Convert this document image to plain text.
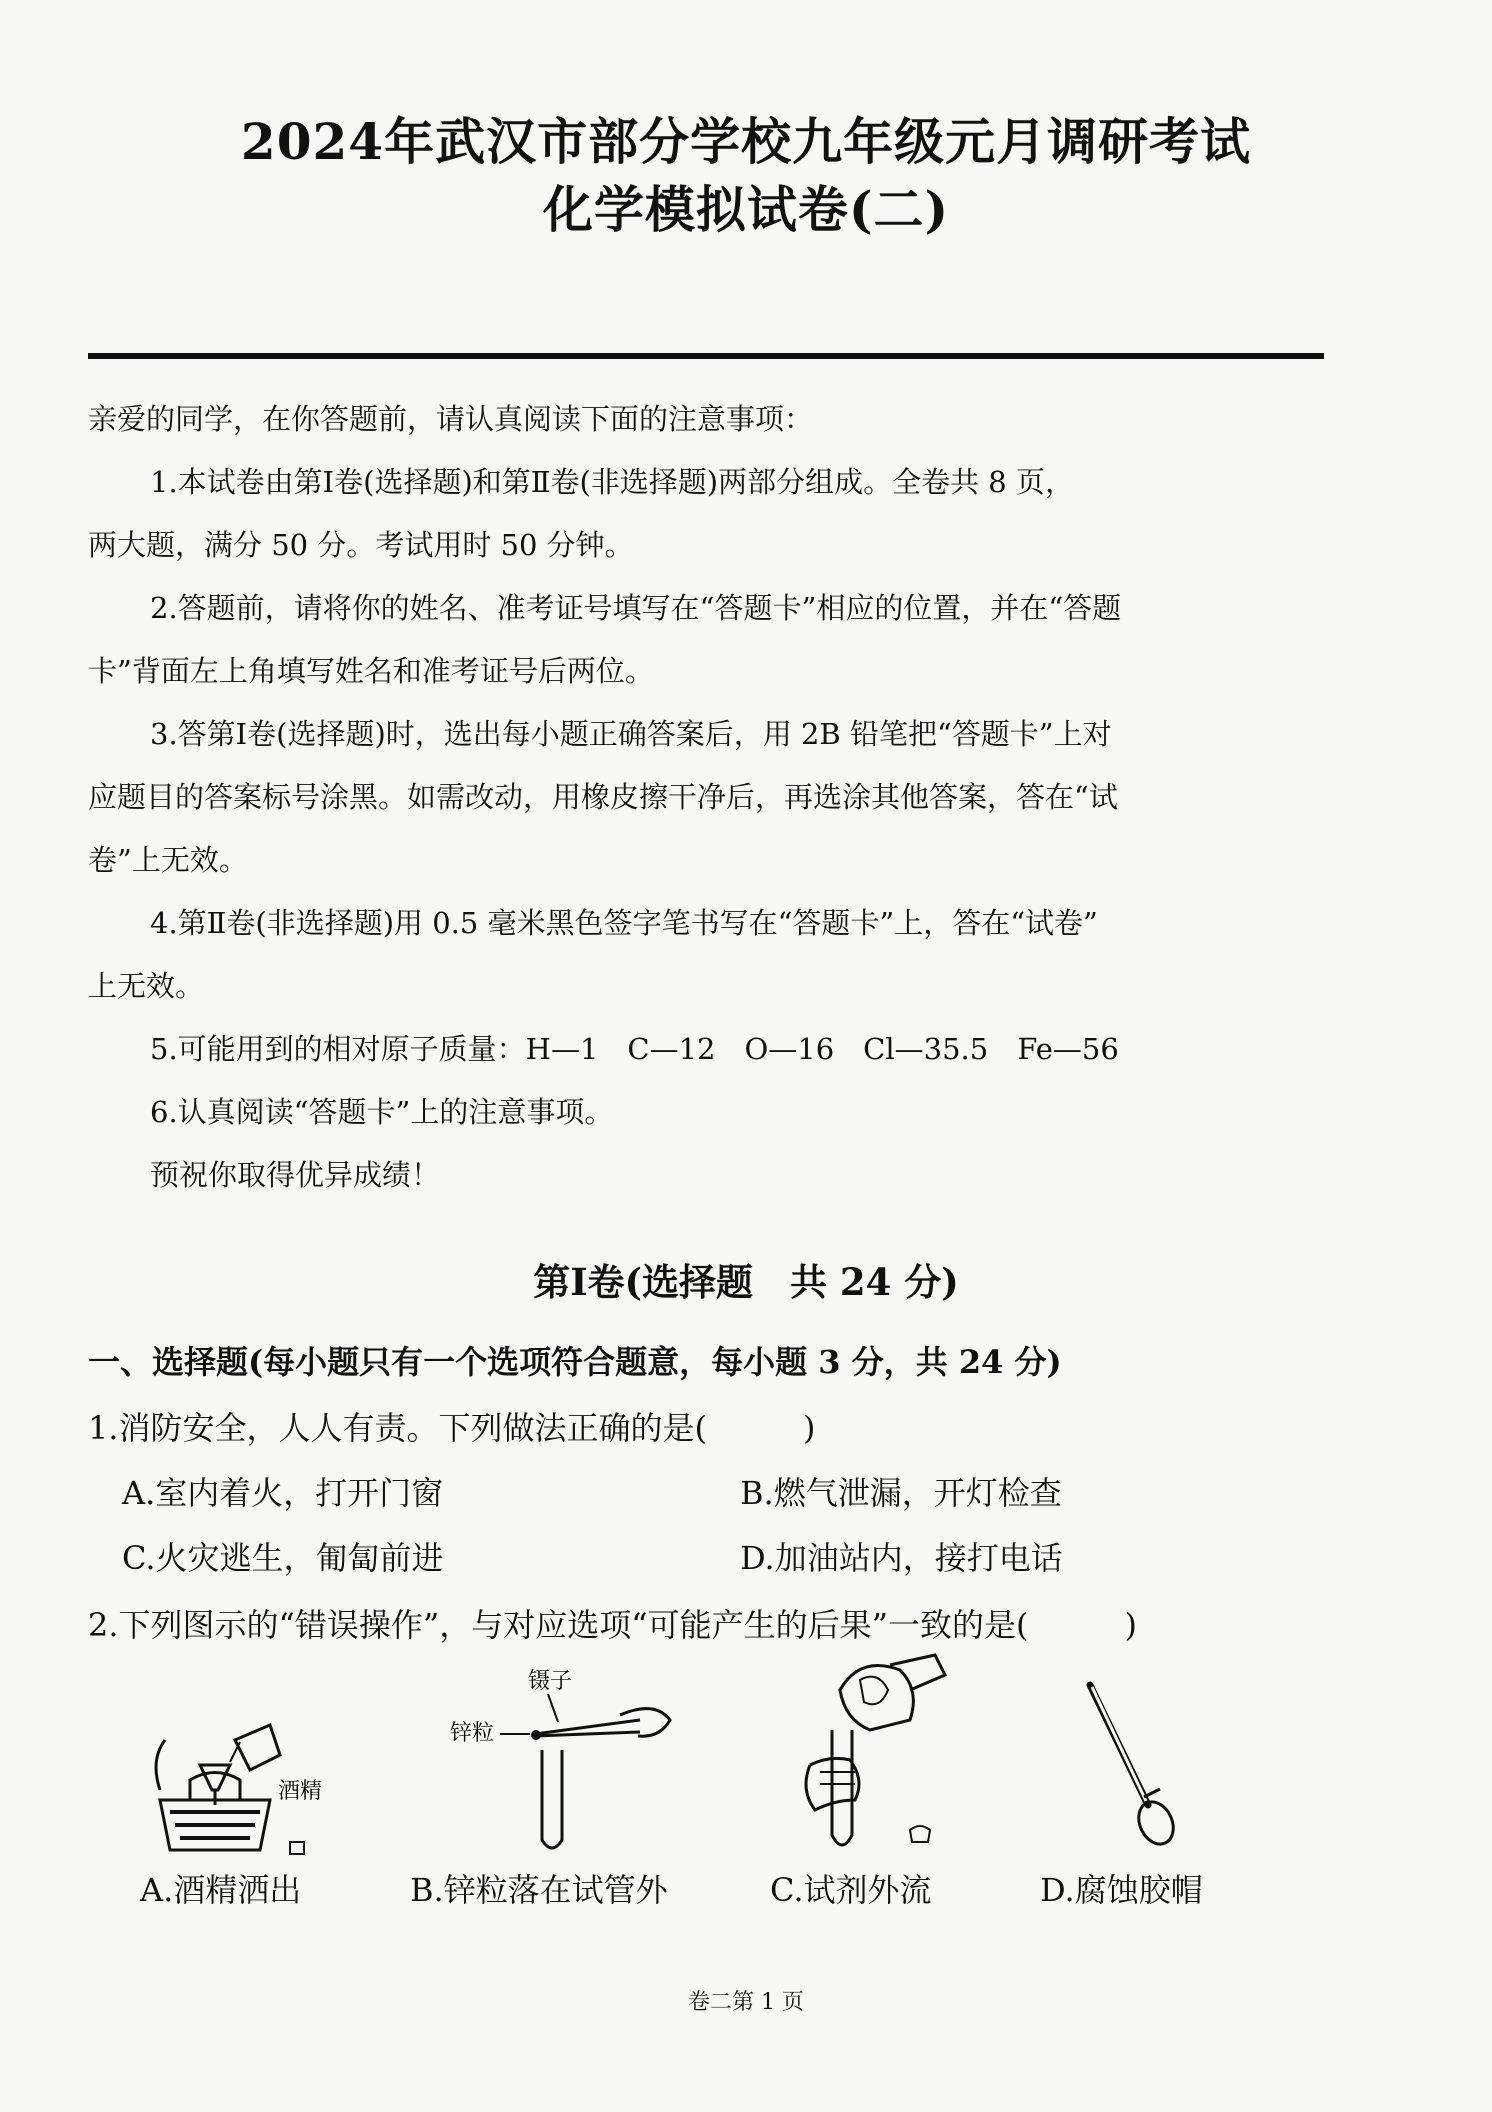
2024年武汉市部分学校九年级元月调研考试
化学模拟试卷(二)
亲爱的同学，在你答题前，请认真阅读下面的注意事项：
1.本试卷由第Ⅰ卷(选择题)和第Ⅱ卷(非选择题)两部分组成。全卷共 8 页，
两大题，满分 50 分。考试用时 50 分钟。
2.答题前，请将你的姓名、准考证号填写在“答题卡”相应的位置，并在“答题
卡”背面左上角填写姓名和准考证号后两位。
3.答第Ⅰ卷(选择题)时，选出每小题正确答案后，用 2B 铅笔把“答题卡”上对
应题目的答案标号涂黑。如需改动，用橡皮擦干净后，再选涂其他答案，答在“试
卷”上无效。
4.第Ⅱ卷(非选择题)用 0.5 毫米黑色签字笔书写在“答题卡”上，答在“试卷”
上无效。
5.可能用到的相对原子质量：H—1　C—12　O—16　Cl—35.5　Fe—56
6.认真阅读“答题卡”上的注意事项。
预祝你取得优异成绩！
第Ⅰ卷(选择题　共 24 分)
一、选择题(每小题只有一个选项符合题意，每小题 3 分，共 24 分)
1.消防安全，人人有责。下列做法正确的是(　　　)
A.室内着火，打开门窗	B.燃气泄漏，开灯检查
C.火灾逃生，匍匐前进	D.加油站内，接打电话
2.下列图示的“错误操作”，与对应选项“可能产生的后果”一致的是(　　　)
酒精
A.酒精洒出
镊子
锌粒
B.锌粒落在试管外	C.试剂外流	D.腐蚀胶帽
卷二第 1 页
